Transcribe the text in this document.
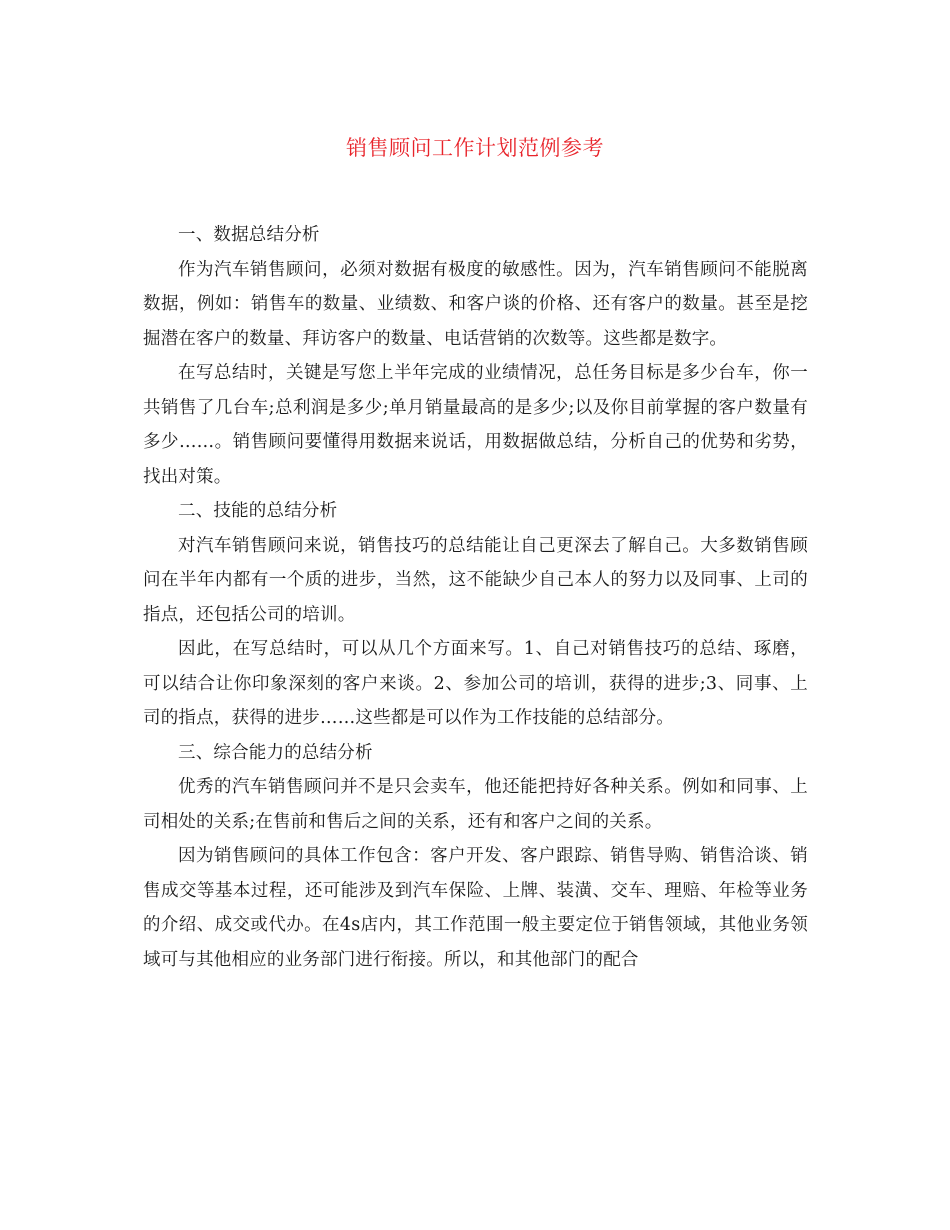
销售顾问工作计划范例参考

一、数据总结分析

作为汽车销售顾问，必须对数据有极度的敏感性。因为，汽车销售顾问不能脱离数据，例如：销售车的数量、业绩数、和客户谈的价格、还有客户的数量。甚至是挖掘潜在客户的数量、拜访客户的数量、电话营销的次数等。这些都是数字。

在写总结时，关键是写您上半年完成的业绩情况，总任务目标是多少台车，你一共销售了几台车;总利润是多少;单月销量最高的是多少;以及你目前掌握的客户数量有多少……。销售顾问要懂得用数据来说话，用数据做总结，分析自己的优势和劣势，找出对策。

二、技能的总结分析

对汽车销售顾问来说，销售技巧的总结能让自己更深去了解自己。大多数销售顾问在半年内都有一个质的进步，当然，这不能缺少自己本人的努力以及同事、上司的指点，还包括公司的培训。

因此，在写总结时，可以从几个方面来写。1、自己对销售技巧的总结、琢磨，可以结合让你印象深刻的客户来谈。2、参加公司的培训，获得的进步;3、同事、上司的指点，获得的进步……这些都是可以作为工作技能的总结部分。

三、综合能力的总结分析

优秀的汽车销售顾问并不是只会卖车，他还能把持好各种关系。例如和同事、上司相处的关系;在售前和售后之间的关系，还有和客户之间的关系。

因为销售顾问的具体工作包含：客户开发、客户跟踪、销售导购、销售洽谈、销售成交等基本过程，还可能涉及到汽车保险、上牌、装潢、交车、理赔、年检等业务的介绍、成交或代办。在4s店内，其工作范围一般主要定位于销售领域，其他业务领域可与其他相应的业务部门进行衔接。所以，和其他部门的配合
